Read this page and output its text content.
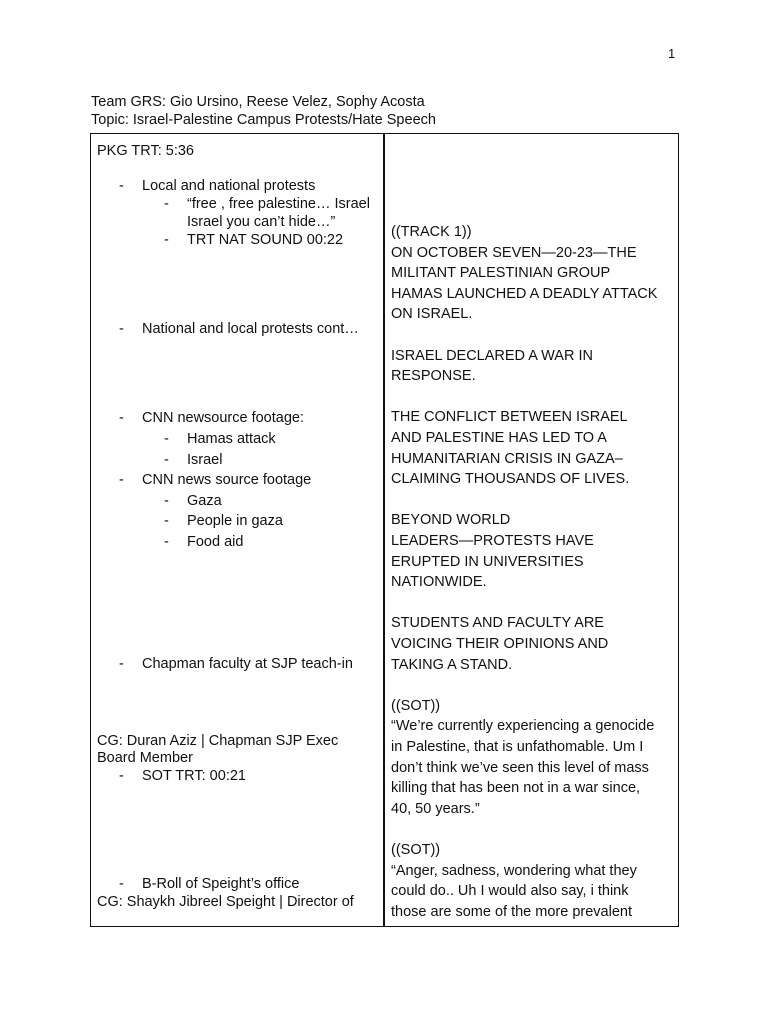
1
Team GRS: Gio Ursino, Reese Velez, Sophy Acosta
Topic: Israel-Palestine Campus Protests/Hate Speech
PKG TRT: 5:36
- Local and national protests
- “free , free palestine… Israel
Israel you can’t hide…”
- TRT NAT SOUND 00:22
- National and local protests cont…
- CNN newsource footage:
- Hamas attack
- Israel
- CNN news source footage
- Gaza
- People in gaza
- Food aid
- Chapman faculty at SJP teach-in
CG: Duran Aziz | Chapman SJP Exec
Board Member
- SOT TRT: 00:21
- B-Roll of Speight’s office
CG: Shaykh Jibreel Speight | Director of
((TRACK 1))
ON OCTOBER SEVEN—20-23—THE
MILITANT PALESTINIAN GROUP
HAMAS LAUNCHED A DEADLY ATTACK
ON ISRAEL.
ISRAEL DECLARED A WAR IN
RESPONSE.
THE CONFLICT BETWEEN ISRAEL
AND PALESTINE HAS LED TO A
HUMANITARIAN CRISIS IN GAZA–
CLAIMING THOUSANDS OF LIVES.
BEYOND WORLD
LEADERS—PROTESTS HAVE
ERUPTED IN UNIVERSITIES
NATIONWIDE.
STUDENTS AND FACULTY ARE
VOICING THEIR OPINIONS AND
TAKING A STAND.
((SOT))
“We’re currently experiencing a genocide
in Palestine, that is unfathomable. Um I
don’t think we’ve seen this level of mass
killing that has been not in a war since,
40, 50 years.”
((SOT))
“Anger, sadness, wondering what they
could do.. Uh I would also say, i think
those are some of the more prevalent
